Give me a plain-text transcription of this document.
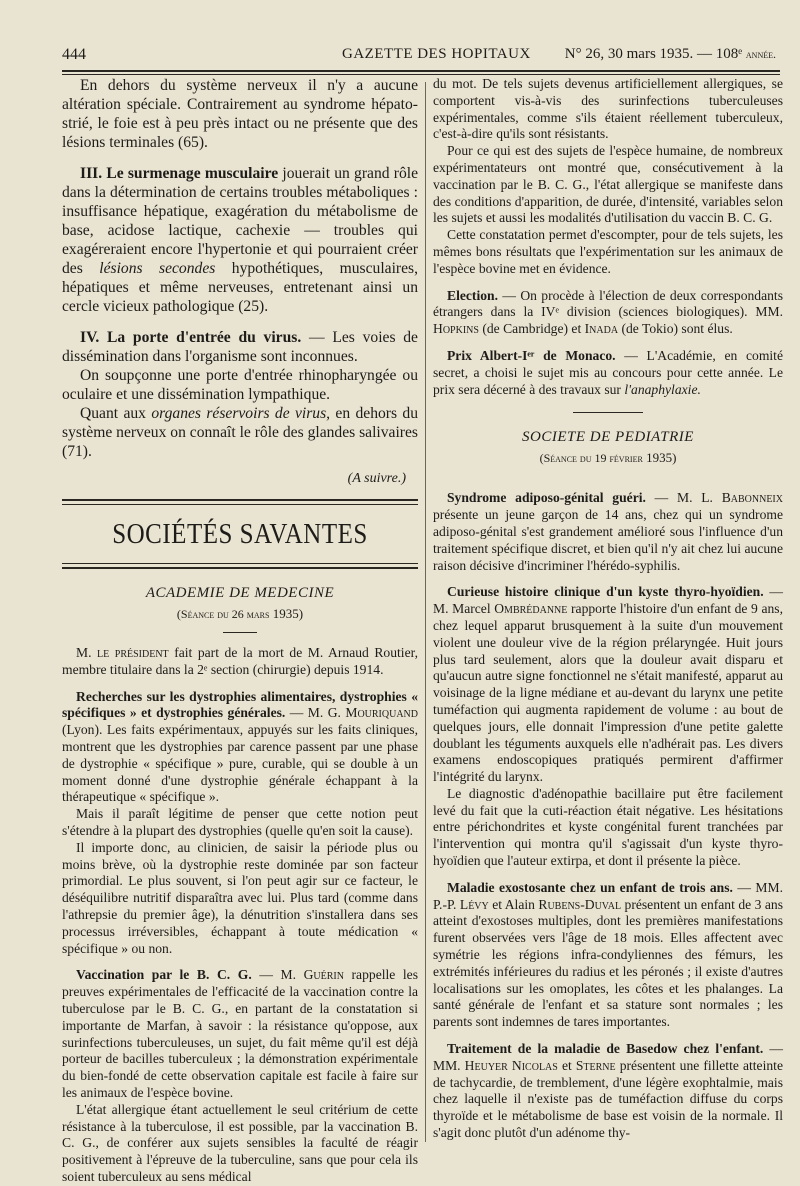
444	GAZETTE DES HOPITAUX N° 26, 30 mars 1935. — 108ᵉ année.

En dehors du système nerveux il n'y a aucune altération spéciale. Contrairement au syndrome hépato-strié, le foie est à peu près intact ou ne présente que des lésions terminales (65).

III. Le surmenage musculaire jouerait un grand rôle dans la détermination de certains troubles métaboliques : insuffisance hépatique, exagération du métabolisme de base, acidose lactique, cachexie — troubles qui exagéreraient encore l'hypertonie et qui pourraient créer des lésions secondes hypothétiques, musculaires, hépatiques et même nerveuses, entretenant ainsi un cercle vicieux pathologique (25).

IV. La porte d'entrée du virus. — Les voies de dissémination dans l'organisme sont inconnues.

On soupçonne une porte d'entrée rhinopharyngée ou oculaire et une dissémination lympathique.

Quant aux organes réservoirs de virus, en dehors du système nerveux on connaît le rôle des glandes salivaires (71).

(A suivre.)
SOCIÉTÉS SAVANTES
ACADEMIE DE MEDECINE
(Séance du 26 mars 1935)

M. le président fait part de la mort de M. Arnaud Routier, membre titulaire dans la 2ᵉ section (chirurgie) depuis 1914.

Recherches sur les dystrophies alimentaires, dystrophies « spécifiques » et dystrophies générales. — M. G. Mouriquand (Lyon). Les faits expérimentaux, appuyés sur les faits cliniques, montrent que les dystrophies par carence passent par une phase de dystrophie « spécifique » pure, curable, qui se double à un moment donné d'une dystrophie générale échappant à la thérapeutique « spécifique ».

Mais il paraît légitime de penser que cette notion peut s'étendre à la plupart des dystrophies (quelle qu'en soit la cause).

Il importe donc, au clinicien, de saisir la période plus ou moins brève, où la dystrophie reste dominée par son facteur primordial. Le plus souvent, si l'on peut agir sur ce facteur, le déséquilibre nutritif disparaîtra avec lui. Plus tard (comme dans l'athrepsie du premier âge), la dénutrition s'installera dans ses processus irréversibles, échappant à toute médication « spécifique » ou non.

Vaccination par le B. C. G. — M. Guérin rappelle les preuves expérimentales de l'efficacité de la vaccination contre la tuberculose par le B. C. G., en partant de la constatation si importante de Marfan, à savoir : la résistance qu'oppose, aux surinfections tuberculeuses, un sujet, du fait même qu'il est déjà porteur de bacilles tuberculeux ; la démonstration expérimentale du bien-fondé de cette observation capitale est facile à faire sur les animaux de l'espèce bovine.

L'état allergique étant actuellement le seul critérium de cette résistance à la tuberculose, il est possible, par la vaccination B. C. G., de conférer aux sujets sensibles la faculté de réagir positivement à l'épreuve de la tuberculine, sans que pour cela ils soient tuberculeux au sens médical

du mot. De tels sujets devenus artificiellement allergiques, se comportent vis-à-vis des surinfections tuberculeuses expérimentales, comme s'ils étaient réellement tuberculeux, c'est-à-dire qu'ils sont résistants.

Pour ce qui est des sujets de l'espèce humaine, de nombreux expérimentateurs ont montré que, consécutivement à la vaccination par le B. C. G., l'état allergique se manifeste dans des conditions d'apparition, de durée, d'intensité, variables selon les sujets et aussi les modalités d'utilisation du vaccin B. C. G.

Cette constatation permet d'escompter, pour de tels sujets, les mêmes bons résultats que l'expérimentation sur les animaux de l'espèce bovine met en évidence.

Election. — On procède à l'élection de deux correspondants étrangers dans la IVᵉ division (sciences biologiques). MM. Hopkins (de Cambridge) et Inada (de Tokio) sont élus.

Prix Albert-Iᵉʳ de Monaco. — L'Académie, en comité secret, a choisi le sujet mis au concours pour cette année. Le prix sera décerné à des travaux sur l'anaphylaxie.

SOCIETE DE PEDIATRIE
(Séance du 19 février 1935)

Syndrome adiposo-génital guéri. — M. L. Babonneix présente un jeune garçon de 14 ans, chez qui un syndrome adiposo-génital s'est grandement amélioré sous l'influence d'un traitement spécifique discret, et bien qu'il n'y ait chez lui aucune raison décisive d'incriminer l'hérédo-syphilis.

Curieuse histoire clinique d'un kyste thyro-hyoïdien. — M. Marcel Ombrédanne rapporte l'histoire d'un enfant de 9 ans, chez lequel apparut brusquement à la suite d'un mouvement violent une douleur vive de la région prélaryngée. Huit jours plus tard seulement, alors que la douleur avait disparu et qu'aucun autre signe fonctionnel ne s'était manifesté, apparut au voisinage de la ligne médiane et au-devant du larynx une petite tuméfaction qui augmenta rapidement de volume : au bout de quelques jours, elle donnait l'impression d'une petite galette doublant les téguments auxquels elle n'adhérait pas. Les divers examens endoscopiques pratiqués permirent d'affirmer l'intégrité du larynx.

Le diagnostic d'adénopathie bacillaire put être facilement levé du fait que la cuti-réaction était négative. Les hésitations entre périchondrites et kyste congénital furent tranchées par l'intervention qui montra qu'il s'agissait d'un kyste thyro-hyoïdien que l'auteur extirpa, et dont il présente la pièce.

Maladie exostosante chez un enfant de trois ans. — MM. P.-P. Lévy et Alain Rubens-Duval présentent un enfant de 3 ans atteint d'exostoses multiples, dont les premières manifestations furent observées vers l'âge de 18 mois. Elles affectent avec symétrie les régions infra-condyliennes des fémurs, les extrémités inférieures du radius et les péronés ; il existe d'autres localisations sur les omoplates, les côtes et les phalanges. La santé générale de l'enfant et sa stature sont normales ; les parents sont indemnes de tares importantes.

Traitement de la maladie de Basedow chez l'enfant. — MM. Heuyer Nicolas et Sterne présentent une fillette atteinte de tachycardie, de tremblement, d'une légère exophtalmie, mais chez laquelle il n'existe pas de tuméfaction diffuse du corps thyroïde et le métabolisme de base est voisin de la normale. Il s'agit donc plutôt d'un adénome thy-
